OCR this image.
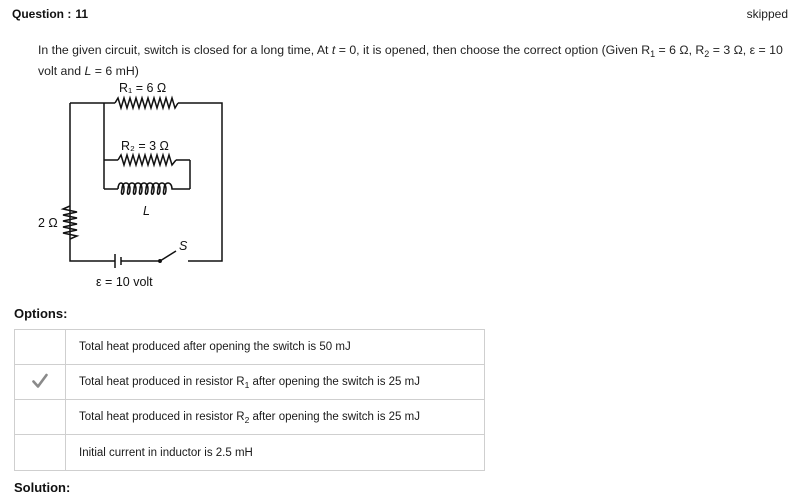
Question : 11	skipped
In the given circuit, switch is closed for a long time, At t = 0, it is opened, then choose the correct option (Given $R_1 = 6$ Ω, $R_2 = 3$ Ω, ε = 10 volt and L = 6 mH)
R₁ = 6 Ω
R₂ = 3 Ω
L
2 Ω
S
ε = 10 volt
Options:
	Total heat produced after opening the switch is 50 mJ
	Total heat produced in resistor $R_1$ after opening the switch is 25 mJ
	Total heat produced in resistor $R_2$ after opening the switch is 25 mJ
	Initial current in inductor is 2.5 mH
Solution:
